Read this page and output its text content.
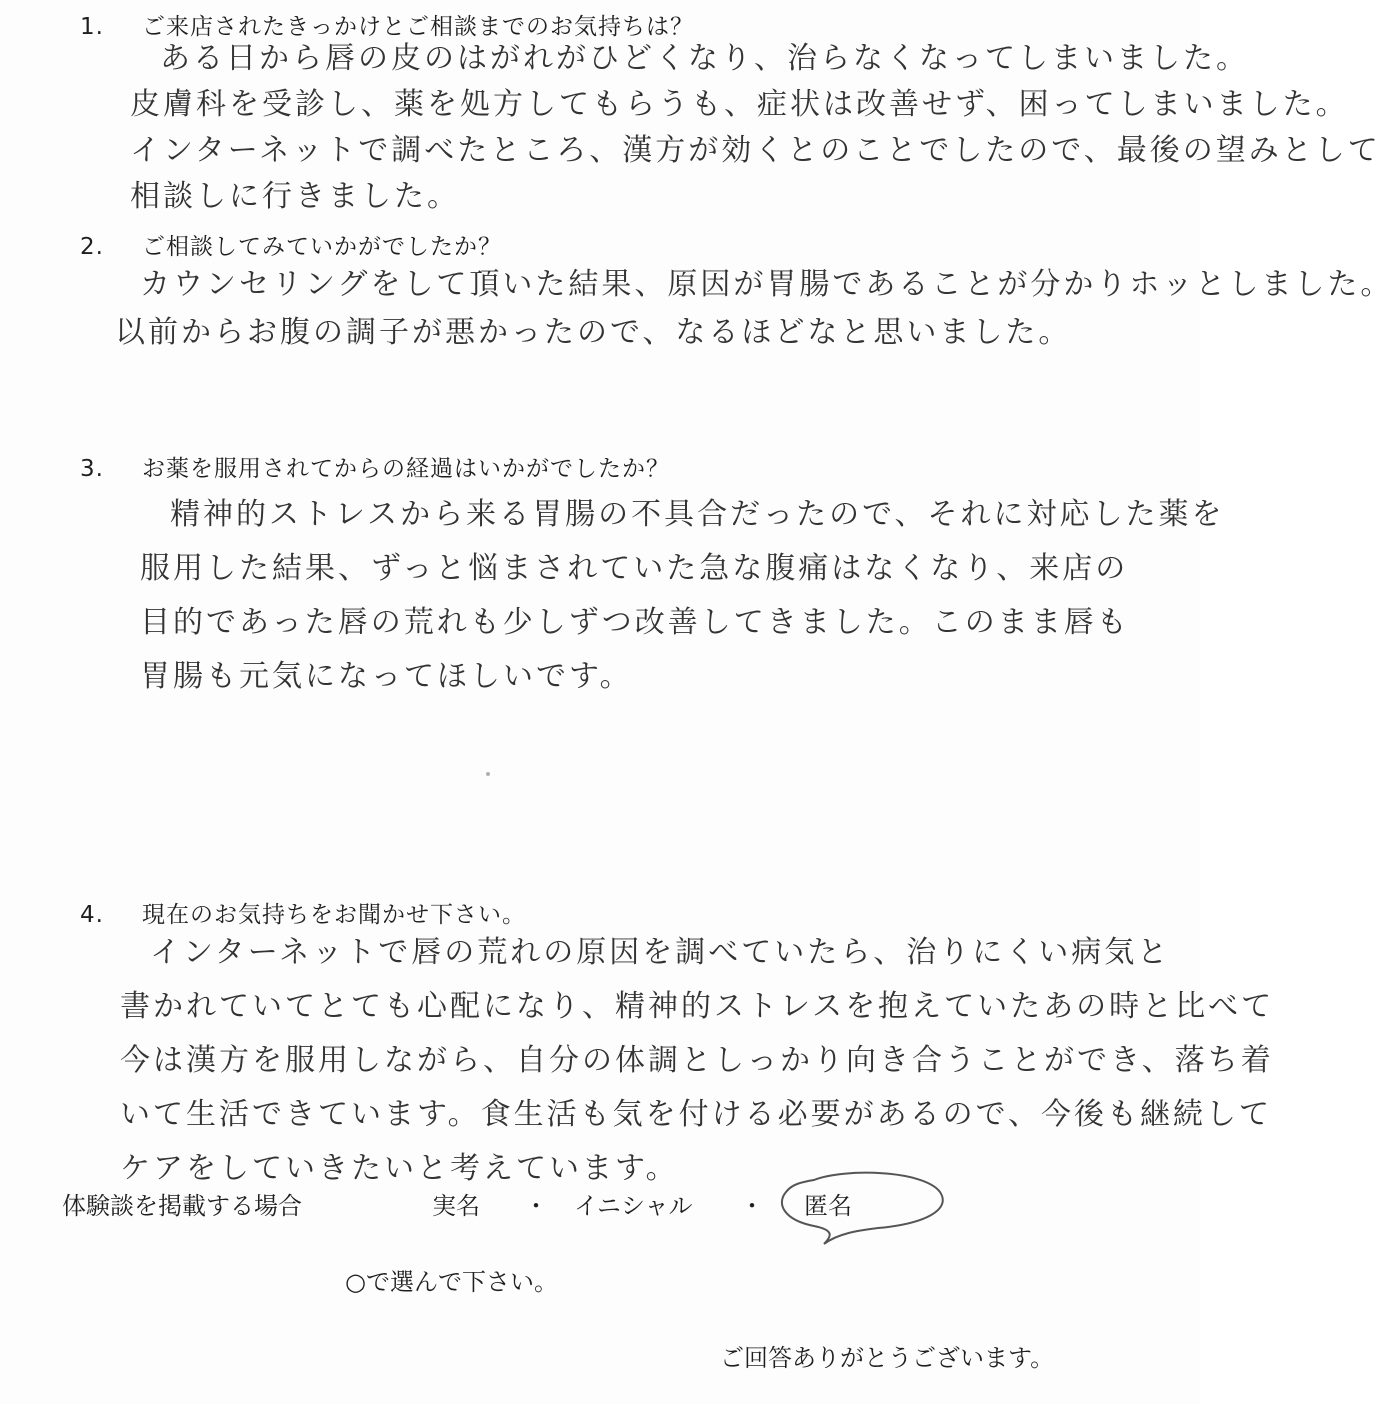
1. ご来店されたきっかけとご相談までのお気持ちは？
ある日から唇の皮のはがれがひどくなり、治らなくなってしまいました。
皮膚科を受診し、薬を処方してもらうも、症状は改善せず、困ってしまいました。
インターネットで調べたところ、漢方が効くとのことでしたので、最後の望みとして
相談しに行きました。
2. ご相談してみていかがでしたか？
カウンセリングをして頂いた結果、原因が胃腸であることが分かりホッとしました。
以前からお腹の調子が悪かったので、なるほどなと思いました。
3. お薬を服用されてからの経過はいかがでしたか？
精神的ストレスから来る胃腸の不具合だったので、それに対応した薬を
服用した結果、ずっと悩まされていた急な腹痛はなくなり、来店の
目的であった唇の荒れも少しずつ改善してきました。このまま唇も
胃腸も元気になってほしいです。
4. 現在のお気持ちをお聞かせ下さい。
インターネットで唇の荒れの原因を調べていたら、治りにくい病気と
書かれていてとても心配になり、精神的ストレスを抱えていたあの時と比べて
今は漢方を服用しながら、自分の体調としっかり向き合うことができ、落ち着
いて生活できています。食生活も気を付ける必要があるので、今後も継続して
ケアをしていきたいと考えています。
体験談を掲載する場合	実名 ・ イニシャル ・ 匿名
○で選んで下さい。
ご回答ありがとうございます。
